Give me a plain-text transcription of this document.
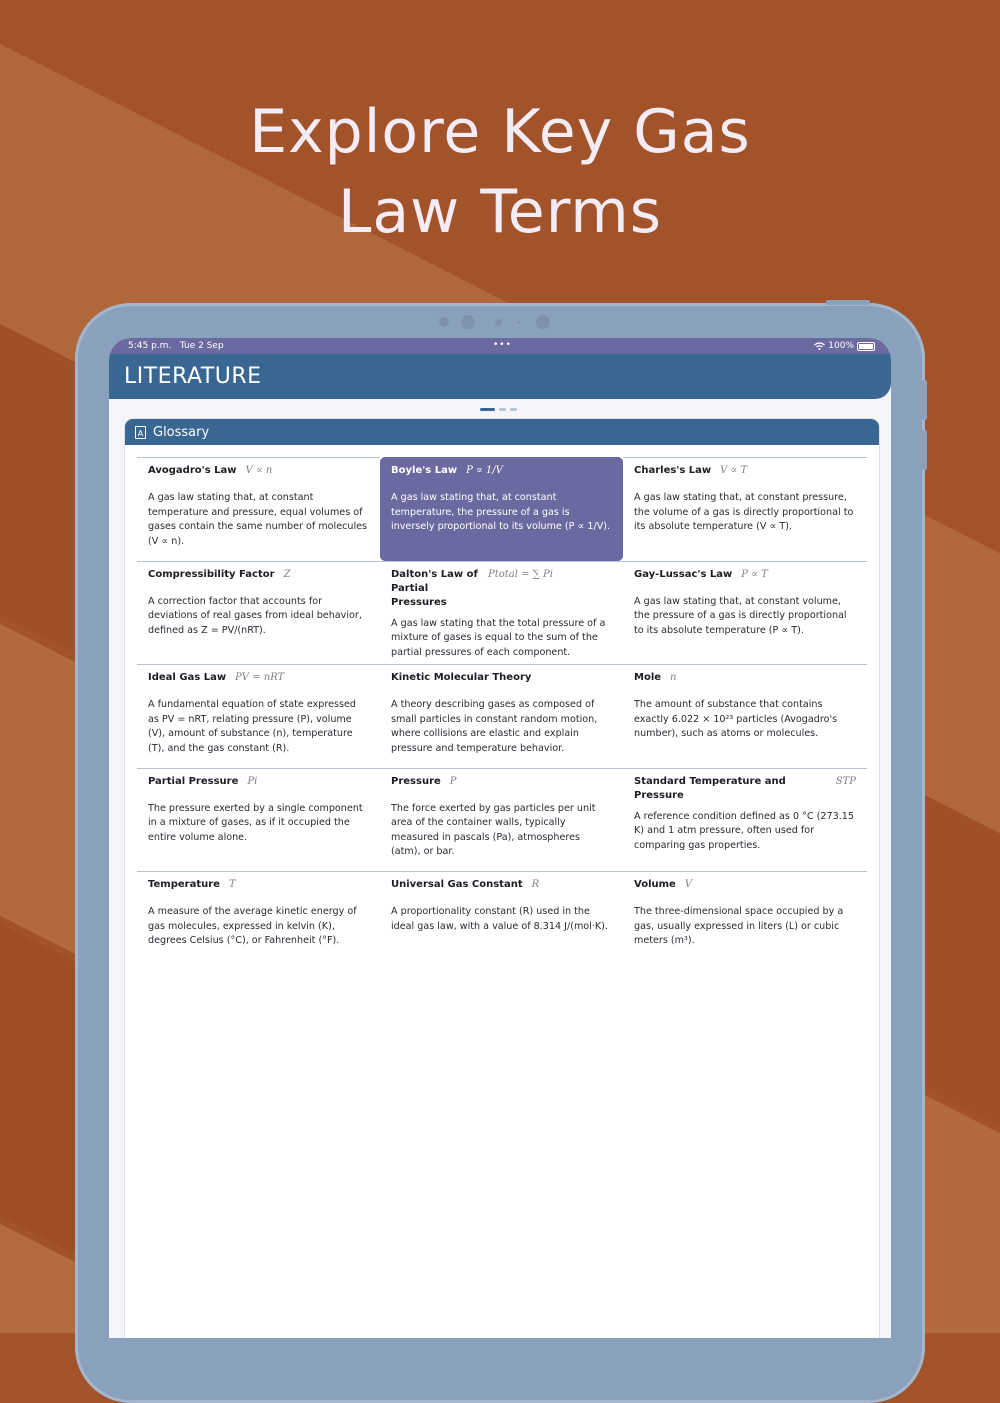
Explore Key Gas
Law Terms
5:45 p.m. Tue 2 Sep	•••	100%
LITERATURE
A Glossary
Avogadro's Law V ∝ n
A gas law stating that, at constant temperature and pressure, equal volumes of gases contain the same number of molecules (V ∝ n).
Boyle's Law P ∝ 1/V
A gas law stating that, at constant temperature, the pressure of a gas is inversely proportional to its volume (P ∝ 1/V).
Charles's Law V ∝ T
A gas law stating that, at constant pressure, the volume of a gas is directly proportional to its absolute temperature (V ∝ T).
Compressibility Factor Z
A correction factor that accounts for deviations of real gases from ideal behavior, defined as Z = PV/(nRT).
Dalton's Law of Partial Pressures
Ptotal = ∑ Pi
A gas law stating that the total pressure of a mixture of gases is equal to the sum of the partial pressures of each component.
Gay-Lussac's Law P ∝ T
A gas law stating that, at constant volume, the pressure of a gas is directly proportional to its absolute temperature (P ∝ T).
Ideal Gas Law PV = nRT
A fundamental equation of state expressed as PV = nRT, relating pressure (P), volume (V), amount of substance (n), temperature (T), and the gas constant (R).
Kinetic Molecular Theory
A theory describing gases as composed of small particles in constant random motion, where collisions are elastic and explain pressure and temperature behavior.
Mole n
The amount of substance that contains exactly 6.022 × 10²³ particles (Avogadro's number), such as atoms or molecules.
Partial Pressure Pi
The pressure exerted by a single component in a mixture of gases, as if it occupied the entire volume alone.
Pressure P
The force exerted by gas particles per unit area of the container walls, typically measured in pascals (Pa), atmospheres (atm), or bar.
Standard Temperature and Pressure
STP
A reference condition defined as 0 °C (273.15 K) and 1 atm pressure, often used for comparing gas properties.
Temperature T
A measure of the average kinetic energy of gas molecules, expressed in kelvin (K), degrees Celsius (°C), or Fahrenheit (°F).
Universal Gas Constant R
A proportionality constant (R) used in the ideal gas law, with a value of 8.314 J/(mol·K).
Volume V
The three-dimensional space occupied by a gas, usually expressed in liters (L) or cubic meters (m³).
